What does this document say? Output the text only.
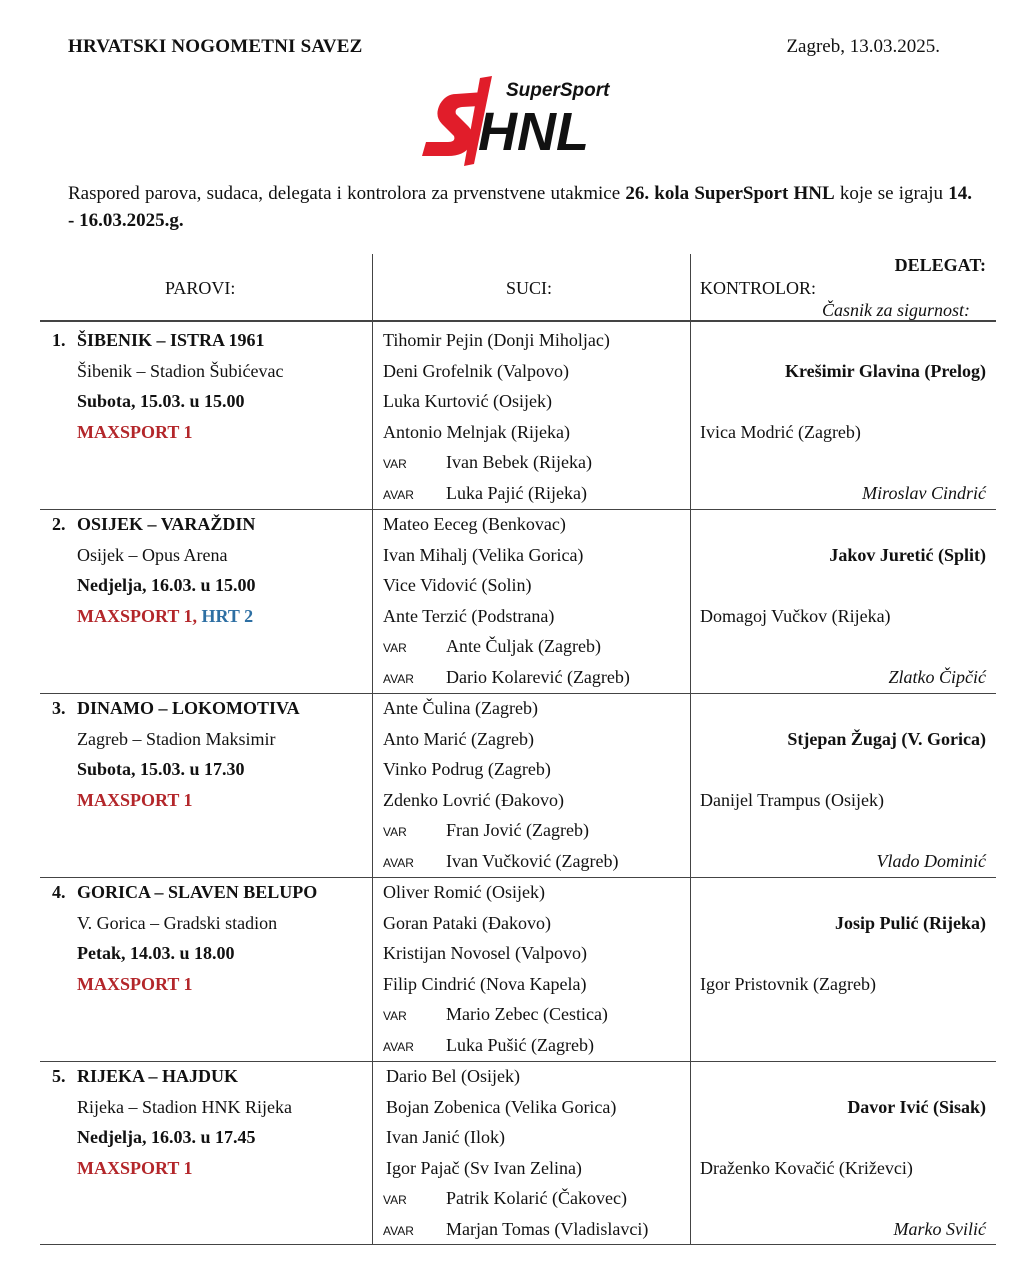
HRVATSKI NOGOMETNI SAVEZ	Zagreb, 13.03.2025.
SuperSport
HNL
Raspored parova, sudaca, delegata i kontrolora za prvenstvene utakmice 26. kola SuperSport HNL koje se igraju 14. - 16.03.2025.g.
PAROVI:	SUCI:
DELEGAT:
KONTROLOR:
Časnik za sigurnost:
1. ŠIBENIK – ISTRA 1961
Šibenik – Stadion Šubićevac
Subota, 15.03. u 15.00
MAXSPORT 1
Tihomir Pejin (Donji Miholjac)
Deni Grofelnik (Valpovo)
Luka Kurtović (Osijek)
Antonio Melnjak (Rijeka)
VAR Ivan Bebek (Rijeka)
AVAR Luka Pajić (Rijeka)
Krešimir Glavina (Prelog)
Ivica Modrić (Zagreb)
Miroslav Cindrić
2. OSIJEK – VARAŽDIN
Osijek – Opus Arena
Nedjelja, 16.03. u 15.00
MAXSPORT 1, HRT 2
Mateo Eeceg (Benkovac)
Ivan Mihalj (Velika Gorica)
Vice Vidović (Solin)
Ante Terzić (Podstrana)
VAR Ante Čuljak (Zagreb)
AVAR Dario Kolarević (Zagreb)
Jakov Juretić (Split)
Domagoj Vučkov (Rijeka)
Zlatko Čipčić
3. DINAMO – LOKOMOTIVA
Zagreb – Stadion Maksimir
Subota, 15.03. u 17.30
MAXSPORT 1
Ante Čulina (Zagreb)
Anto Marić (Zagreb)
Vinko Podrug (Zagreb)
Zdenko Lovrić (Đakovo)
VAR Fran Jović (Zagreb)
AVAR Ivan Vučković (Zagreb)
Stjepan Žugaj (V. Gorica)
Danijel Trampus (Osijek)
Vlado Dominić
4. GORICA – SLAVEN BELUPO
V. Gorica – Gradski stadion
Petak, 14.03. u 18.00
MAXSPORT 1
Oliver Romić (Osijek)
Goran Pataki (Đakovo)
Kristijan Novosel (Valpovo)
Filip Cindrić (Nova Kapela)
VAR Mario Zebec (Cestica)
AVAR Luka Pušić (Zagreb)
Josip Pulić (Rijeka)
Igor Pristovnik (Zagreb)
5. RIJEKA – HAJDUK
Rijeka – Stadion HNK Rijeka
Nedjelja, 16.03. u 17.45
MAXSPORT 1
Dario Bel (Osijek)
Bojan Zobenica (Velika Gorica)
Ivan Janić (Ilok)
Igor Pajač (Sv Ivan Zelina)
VAR Patrik Kolarić (Čakovec)
AVAR Marjan Tomas (Vladislavci)
Davor Ivić (Sisak)
Draženko Kovačić (Križevci)
Marko Svilić
